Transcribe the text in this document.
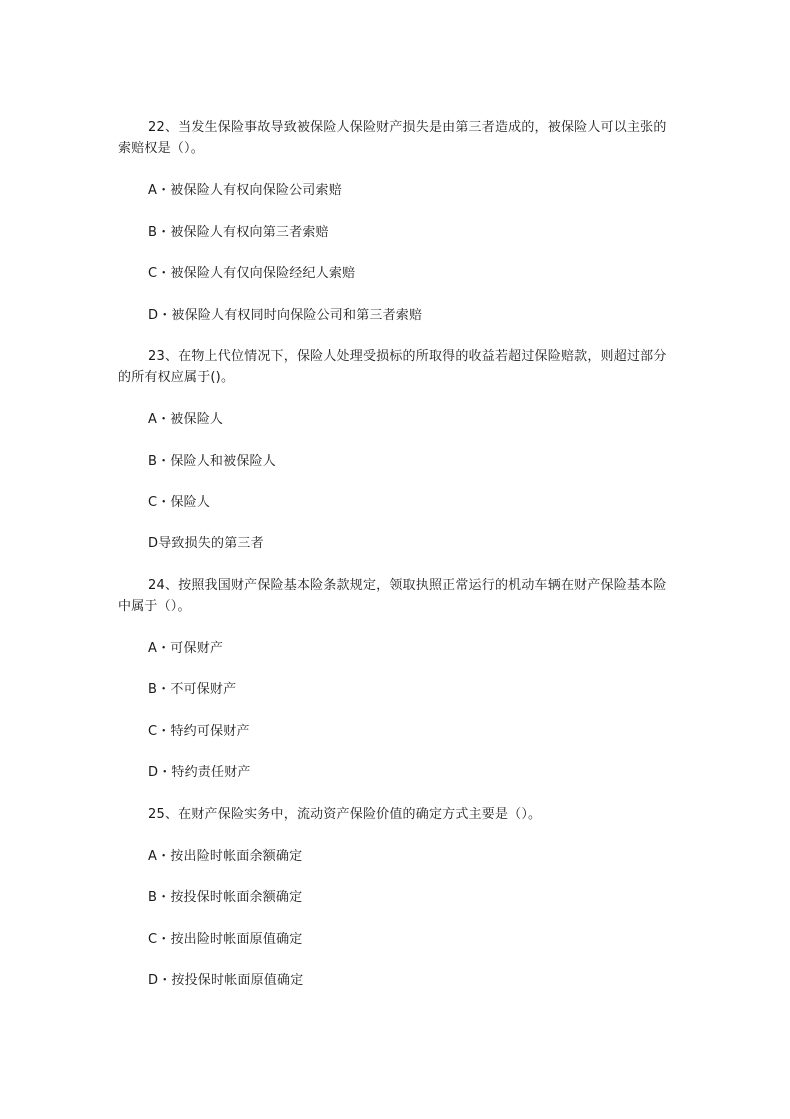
22、当发生保险事故导致被保险人保险财产损失是由第三者造成的，被保险人可以主张的索赔权是（）。
A・被保险人有权向保险公司索赔
B・被保险人有权向第三者索赔
C・被保险人有仅向保险经纪人索赔
D・被保险人有权同时向保险公司和第三者索赔
23、在物上代位情况下，保险人处理受损标的所取得的收益若超过保险赔款，则超过部分的所有权应属于()。
A・被保险人
B・保险人和被保险人
C・保险人
D导致损失的第三者
24、按照我国财产保险基本险条款规定，领取执照正常运行的机动车辆在财产保险基本险中属于（）。
A・可保财产
B・不可保财产
C・特约可保财产
D・特约责任财产
25、在财产保险实务中，流动资产保险价值的确定方式主要是（）。
A・按出险时帐面余额确定
B・按投保时帐面余额确定
C・按出险时帐面原值确定
D・按投保时帐面原值确定
